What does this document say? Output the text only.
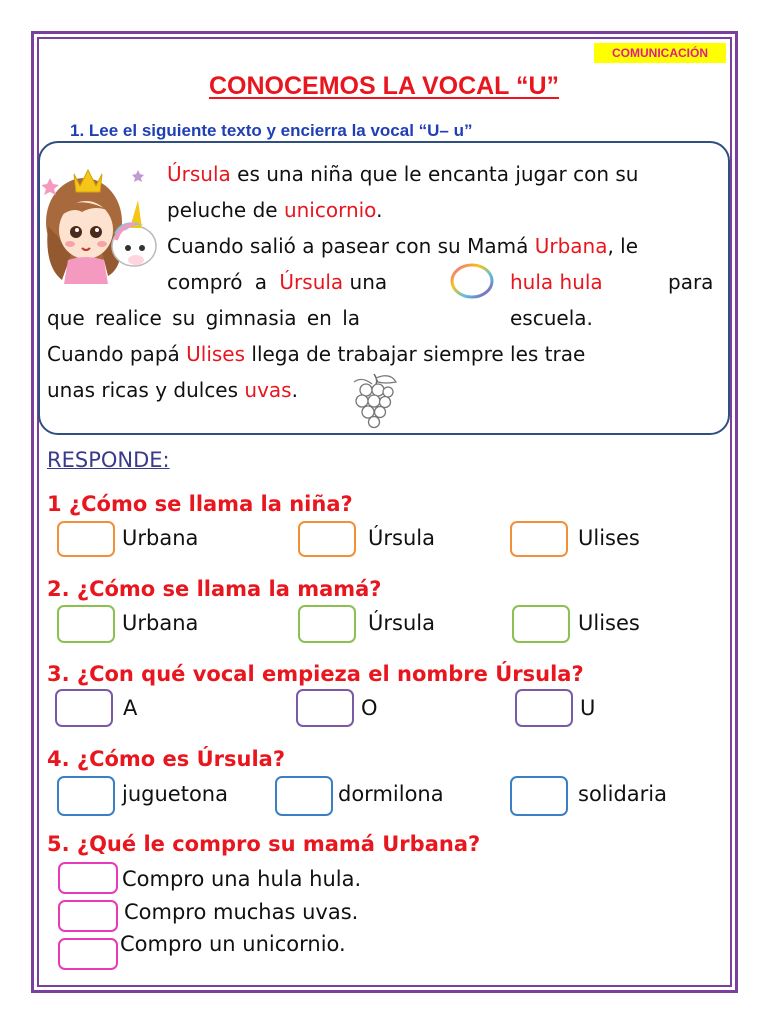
COMUNICACIÓN
CONOCEMOS LA VOCAL “U”
1. Lee el siguiente texto y encierra la vocal “U– u”
Úrsula es una niña que le encanta jugar con su
peluche de unicornio.
Cuando salió a pasear con su Mamá Urbana, le
compró a Úrsula una	hula hula	para
que realice su gimnasia en la	escuela.
Cuando papá Ulises llega de trabajar siempre les trae
unas ricas y dulces uvas.
RESPONDE:
1 ¿Cómo se llama la niña?
Urbana	Úrsula	Ulises
2. ¿Cómo se llama la mamá?
Urbana	Úrsula	Ulises
3. ¿Con qué vocal empieza el nombre Úrsula?
A	O	U
4. ¿Cómo es Úrsula?
juguetona	dormilona	solidaria
5. ¿Qué le compro su mamá Urbana?
Compro una hula hula.
Compro muchas uvas.
Compro un unicornio.
